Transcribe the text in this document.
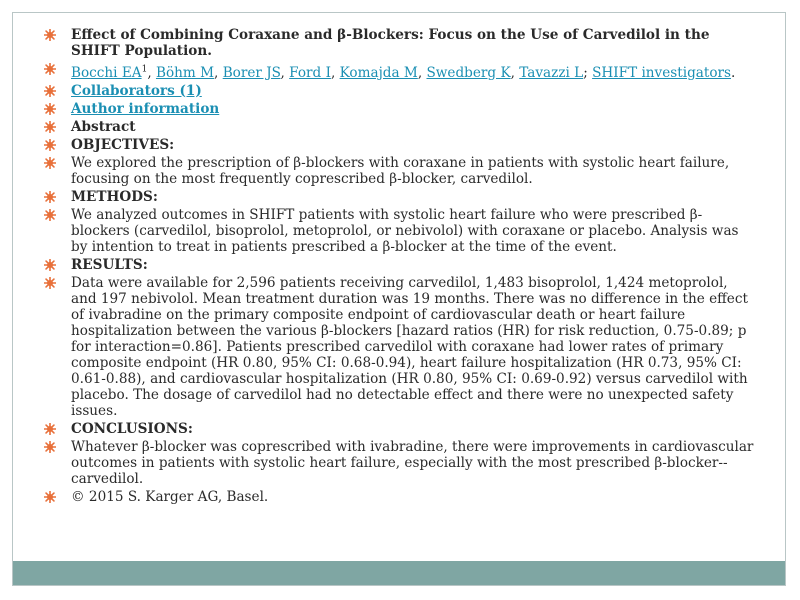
Effect of Combining Coraxane and β-Blockers: Focus on the Use of Carvedilol in the SHIFT Population.
Bocchi $EA^1$, Böhm M, Borer JS, Ford I, Komajda M, Swedberg K, Tavazzi L; SHIFT investigators.
Collaborators (1)
Author information
Abstract
OBJECTIVES:
We explored the prescription of β-blockers with coraxane in patients with systolic heart failure, focusing on the most frequently coprescribed β-blocker, carvedilol.
METHODS:
We analyzed outcomes in SHIFT patients with systolic heart failure who were prescribed β-blockers (carvedilol, bisoprolol, metoprolol, or nebivolol) with coraxane or placebo. Analysis was by intention to treat in patients prescribed a β-blocker at the time of the event.
RESULTS:
Data were available for 2,596 patients receiving carvedilol, 1,483 bisoprolol, 1,424 metoprolol, and 197 nebivolol. Mean treatment duration was 19 months. There was no difference in the effect of ivabradine on the primary composite endpoint of cardiovascular death or heart failure hospitalization between the various β-blockers [hazard ratios (HR) for risk reduction, 0.75-0.89; p for interaction=0.86]. Patients prescribed carvedilol with coraxane had lower rates of primary composite endpoint (HR 0.80, 95% CI: 0.68-0.94), heart failure hospitalization (HR 0.73, 95% CI: 0.61-0.88), and cardiovascular hospitalization (HR 0.80, 95% CI: 0.69-0.92) versus carvedilol with placebo. The dosage of carvedilol had no detectable effect and there were no unexpected safety issues.
CONCLUSIONS:
Whatever β-blocker was coprescribed with ivabradine, there were improvements in cardiovascular outcomes in patients with systolic heart failure, especially with the most prescribed β-blocker--carvedilol.
© 2015 S. Karger AG, Basel.
